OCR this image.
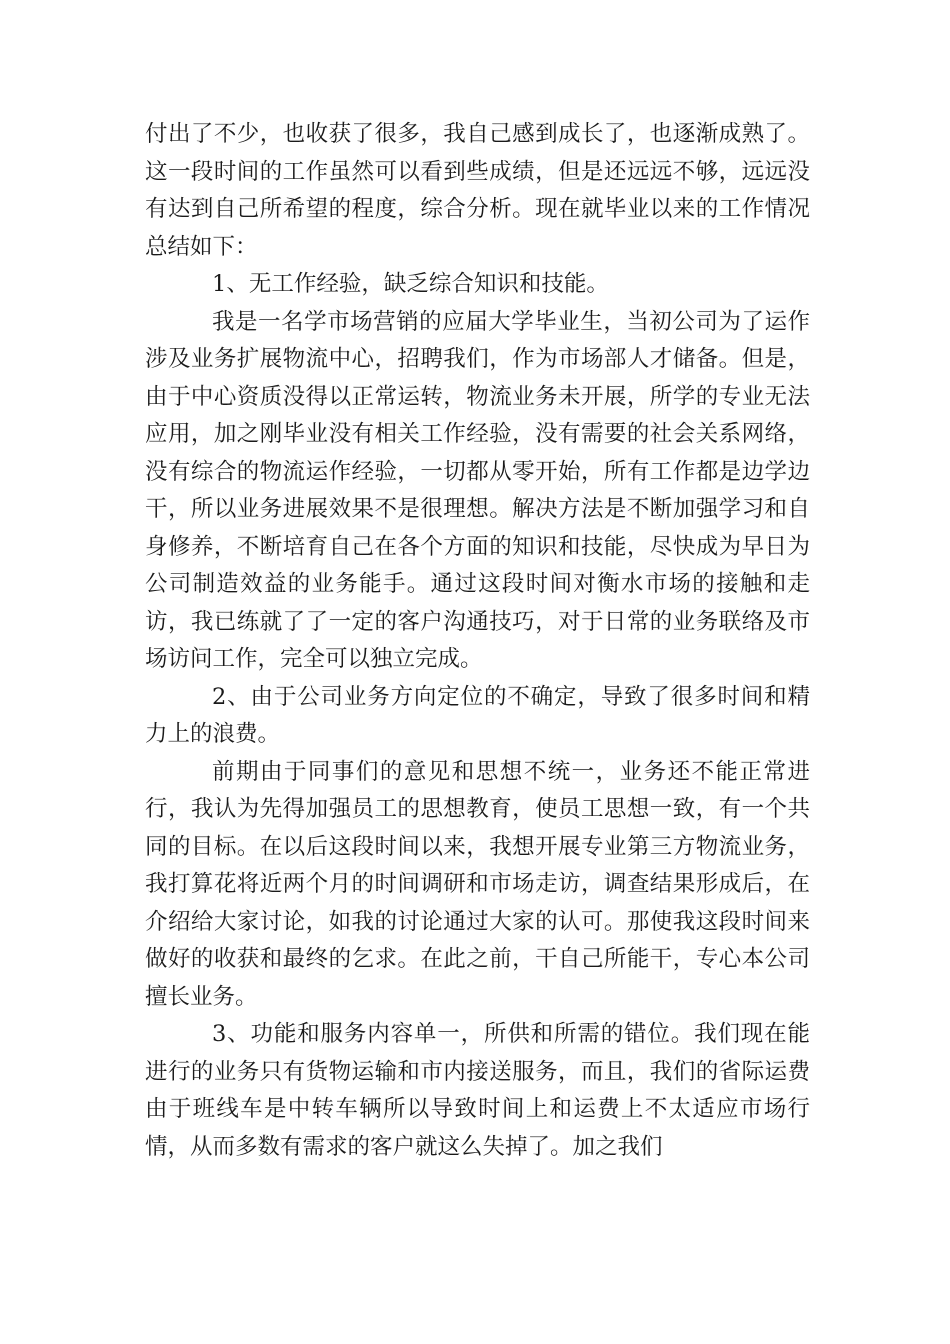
付出了不少，也收获了很多，我自己感到成长了，也逐渐成熟了。这一段时间的工作虽然可以看到些成绩，但是还远远不够，远远没有达到自己所希望的程度，综合分析。现在就毕业以来的工作情况总结如下：

1、无工作经验，缺乏综合知识和技能。

我是一名学市场营销的应届大学毕业生，当初公司为了运作涉及业务扩展物流中心，招聘我们，作为市场部人才储备。但是，由于中心资质没得以正常运转，物流业务未开展，所学的专业无法应用，加之刚毕业没有相关工作经验，没有需要的社会关系网络，没有综合的物流运作经验，一切都从零开始，所有工作都是边学边干，所以业务进展效果不是很理想。解决方法是不断加强学习和自身修养，不断培育自己在各个方面的知识和技能，尽快成为早日为公司制造效益的业务能手。通过这段时间对衡水市场的接触和走访，我已练就了了一定的客户沟通技巧，对于日常的业务联络及市场访问工作，完全可以独立完成。

2、由于公司业务方向定位的不确定，导致了很多时间和精力上的浪费。

前期由于同事们的意见和思想不统一，业务还不能正常进行，我认为先得加强员工的思想教育，使员工思想一致，有一个共同的目标。在以后这段时间以来，我想开展专业第三方物流业务，我打算花将近两个月的时间调研和市场走访，调查结果形成后，在介绍给大家讨论，如我的讨论通过大家的认可。那使我这段时间来做好的收获和最终的乞求。在此之前，干自己所能干，专心本公司擅长业务。

3、功能和服务内容单一，所供和所需的错位。我们现在能进行的业务只有货物运输和市内接送服务，而且，我们的省际运费由于班线车是中转车辆所以导致时间上和运费上不太适应市场行情，从而多数有需求的客户就这么失掉了。加之我们
